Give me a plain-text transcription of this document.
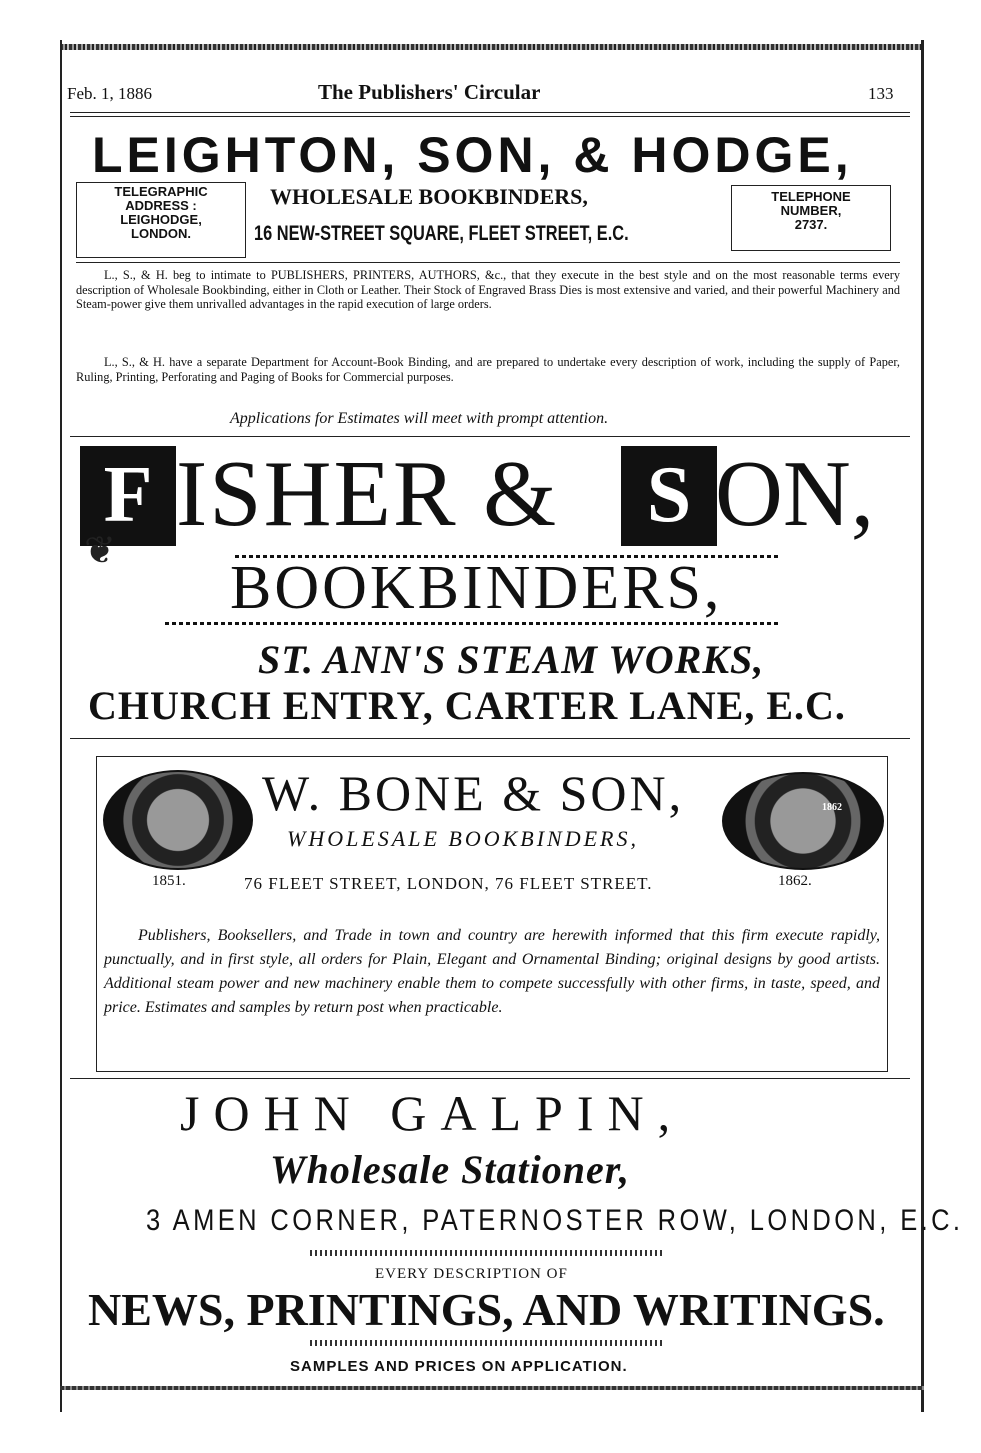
Feb. 1, 1886	The Publishers' Circular	133
LEIGHTON, SON, & HODGE,
TELEGRAPHIC
ADDRESS :
LEIGHODGE,
LONDON.
WHOLESALE BOOKBINDERS,
16 NEW-STREET SQUARE, FLEET STREET, E.C.
TELEPHONE
NUMBER,
2737.
L., S., & H. beg to intimate to PUBLISHERS, PRINTERS, AUTHORS, &c., that they execute in the best style and on the most reasonable terms every description of Wholesale Bookbinding, either in Cloth or Leather. Their Stock of Engraved Brass Dies is most extensive and varied, and their powerful Machinery and Steam-power give them unrivalled advantages in the rapid execution of large orders.
L., S., & H. have a separate Department for Account-Book Binding, and are prepared to undertake every description of work, including the supply of Paper, Ruling, Printing, Perforating and Paging of Books for Commercial purposes.
Applications for Estimates will meet with prompt attention.
F ISHER & S ON,
❦
BOOKBINDERS,
ST. ANN'S STEAM WORKS,
CHURCH ENTRY, CARTER LANE, E.C.
1862
W. BONE & SON,
WHOLESALE BOOKBINDERS,
1851.	76 FLEET STREET, LONDON, 76 FLEET STREET.	1862.
Publishers, Booksellers, and Trade in town and country are herewith informed that this firm execute rapidly, punctually, and in first style, all orders for Plain, Elegant and Ornamental Binding; original designs by good artists. Additional steam power and new machinery enable them to compete successfully with other firms, in taste, speed, and price. Estimates and samples by return post when practicable.
JOHN GALPIN,
Wholesale Stationer,
3 AMEN CORNER, PATERNOSTER ROW, LONDON, E.C.
EVERY DESCRIPTION OF
NEWS, PRINTINGS, AND WRITINGS.
SAMPLES AND PRICES ON APPLICATION.
